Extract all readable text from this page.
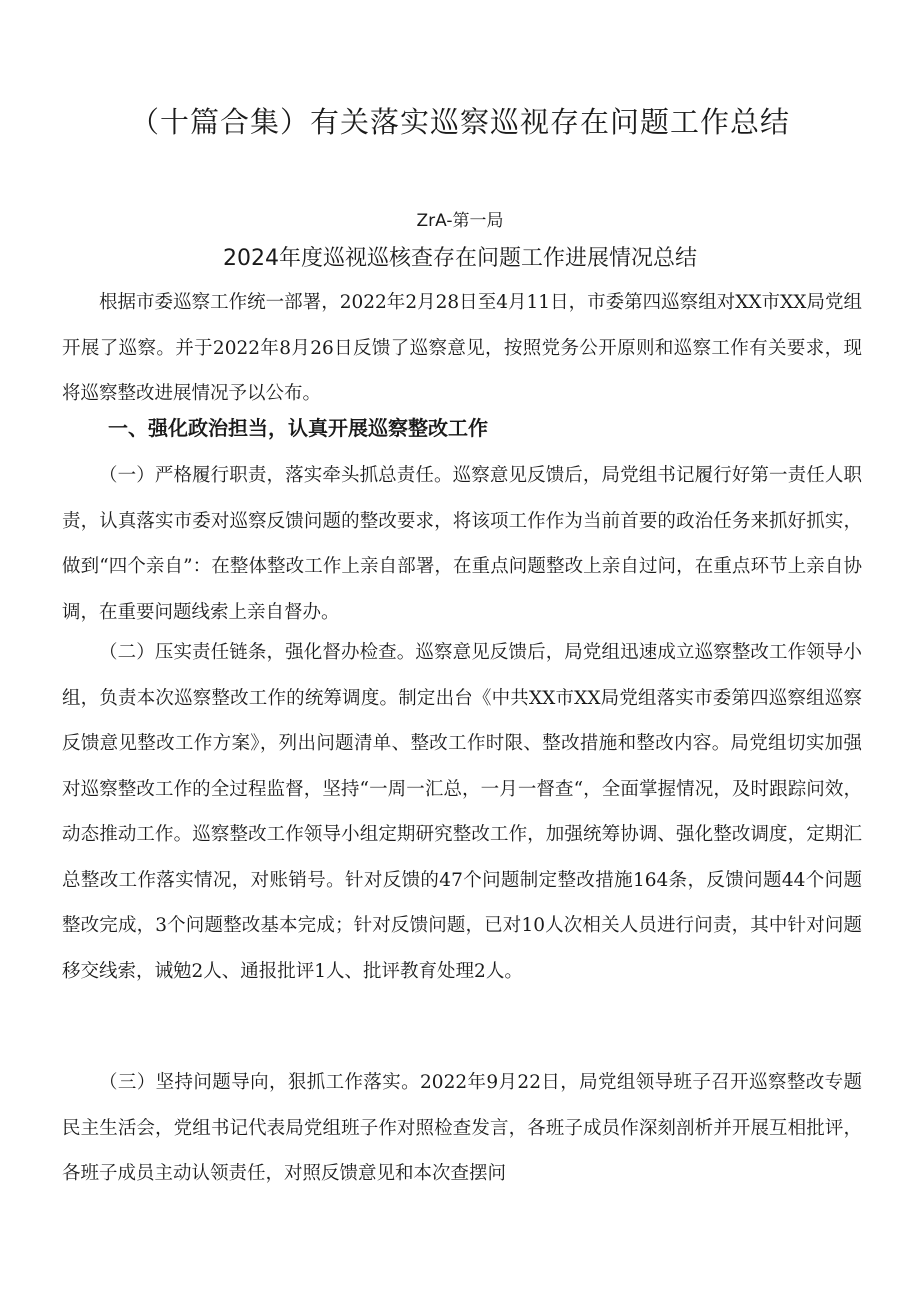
（十篇合集）有关落实巡察巡视存在问题工作总结
ZrA-第一局
2024年度巡视巡核查存在问题工作进展情况总结

根据市委巡察工作统一部署，2022年2月28日至4月11日，市委第四巡察组对XX市XX局党组开展了巡察。并于2022年8月26日反馈了巡察意见，按照党务公开原则和巡察工作有关要求，现将巡察整改进展情况予以公布。

一、强化政治担当，认真开展巡察整改工作

（一）严格履行职责，落实牵头抓总责任。巡察意见反馈后，局党组书记履行好第一责任人职责，认真落实市委对巡察反馈问题的整改要求，将该项工作作为当前首要的政治任务来抓好抓实，做到“四个亲自”：在整体整改工作上亲自部署，在重点问题整改上亲自过问，在重点环节上亲自协调，在重要问题线索上亲自督办。

（二）压实责任链条，强化督办检查。巡察意见反馈后，局党组迅速成立巡察整改工作领导小组，负责本次巡察整改工作的统筹调度。制定出台《中共XX市XX局党组落实市委第四巡察组巡察反馈意见整改工作方案》，列出问题清单、整改工作时限、整改措施和整改内容。局党组切实加强对巡察整改工作的全过程监督，坚持“一周一汇总，一月一督查“，全面掌握情况，及时跟踪问效，动态推动工作。巡察整改工作领导小组定期研究整改工作，加强统筹协调、强化整改调度，定期汇总整改工作落实情况，对账销号。针对反馈的47个问题制定整改措施164条，反馈问题44个问题整改完成，3个问题整改基本完成；针对反馈问题，已对10人次相关人员进行问责，其中针对问题移交线索，诫勉2人、通报批评1人、批评教育处理2人。

（三）坚持问题导向，狠抓工作落实。2022年9月22日，局党组领导班子召开巡察整改专题民主生活会，党组书记代表局党组班子作对照检查发言，各班子成员作深刻剖析并开展互相批评，各班子成员主动认领责任，对照反馈意见和本次查摆问
